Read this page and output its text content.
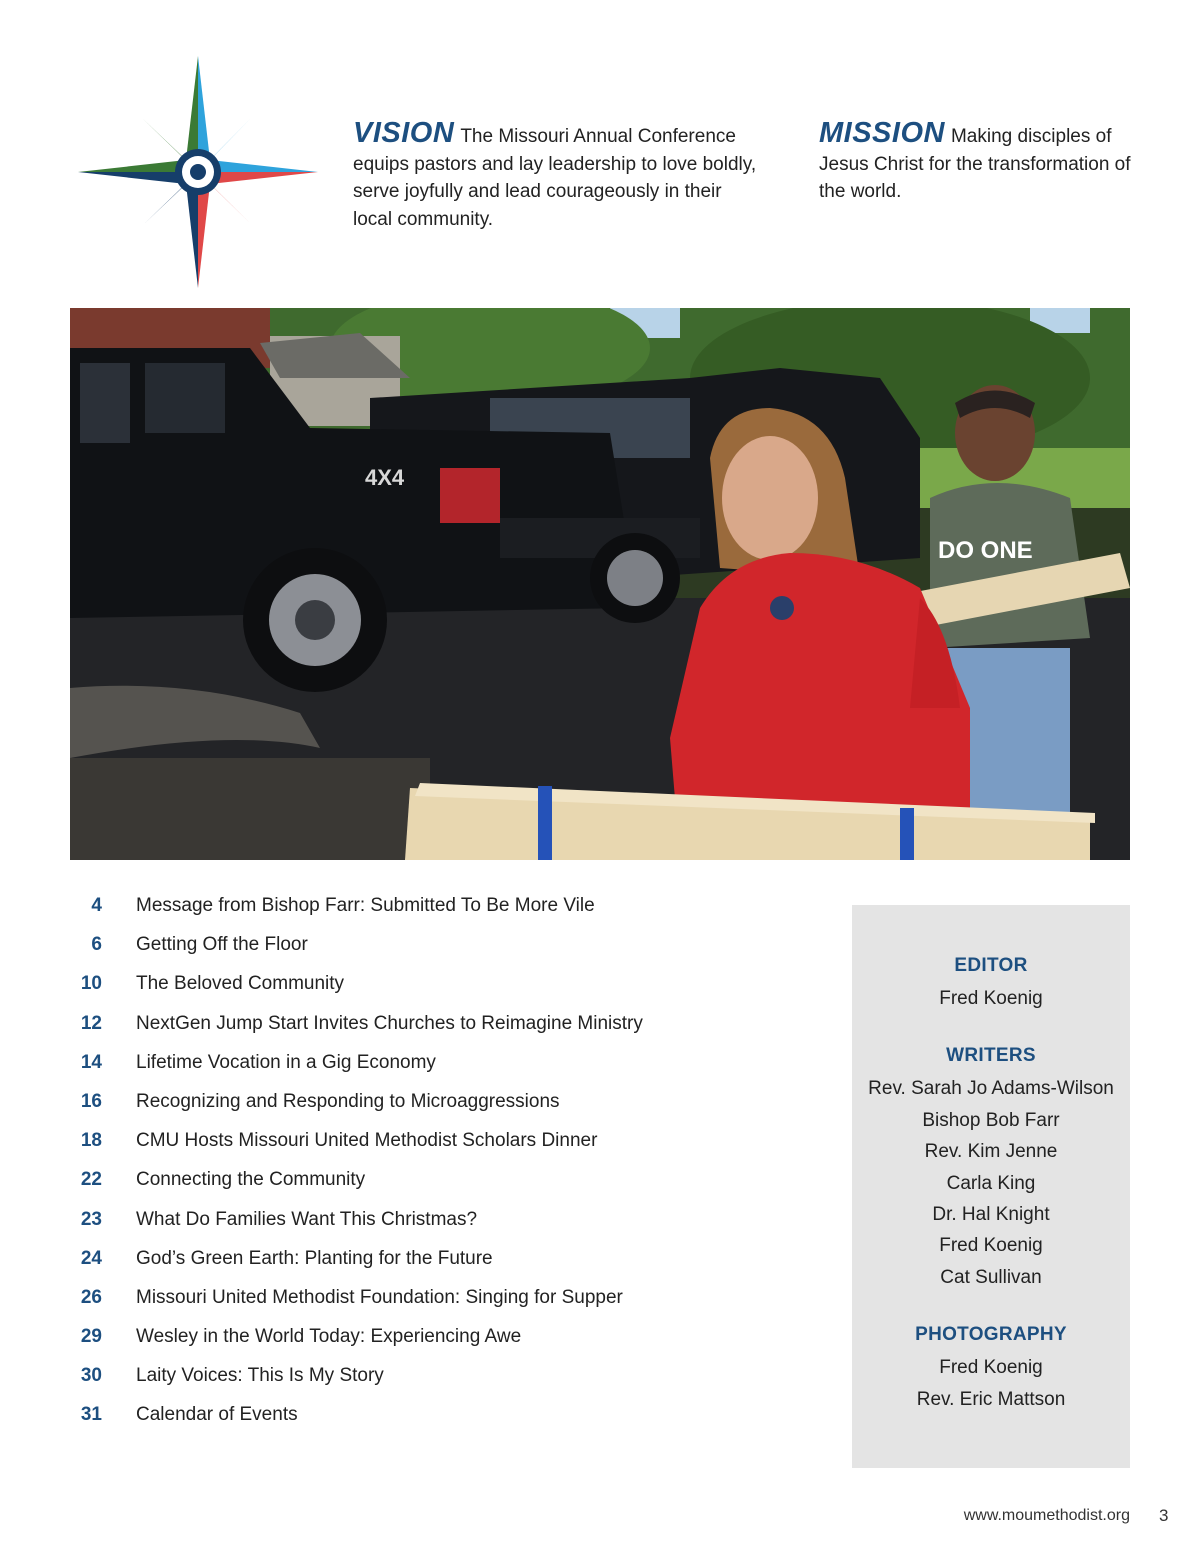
VISION The Missouri Annual Conference equips pastors and lay leadership to love boldly, serve joyfully and lead courageously in their local community.
MISSION Making disciples of Jesus Christ for the transformation of the world.
4X4
DO ONE
4 Message from Bishop Farr: Submitted To Be More Vile
6 Getting Off the Floor
10 The Beloved Community
12 NextGen Jump Start Invites Churches to Reimagine Ministry
14 Lifetime Vocation in a Gig Economy
16 Recognizing and Responding to Microaggressions
18 CMU Hosts Missouri United Methodist Scholars Dinner
22 Connecting the Community
23 What Do Families Want This Christmas?
24 God’s Green Earth: Planting for the Future
26 Missouri United Methodist Foundation: Singing for Supper
29 Wesley in the World Today: Experiencing Awe
30 Laity Voices: This Is My Story
31 Calendar of Events
EDITOR
Fred Koenig
WRITERS
Rev. Sarah Jo Adams-Wilson
Bishop Bob Farr
Rev. Kim Jenne
Carla King
Dr. Hal Knight
Fred Koenig
Cat Sullivan
PHOTOGRAPHY
Fred Koenig
Rev. Eric Mattson
www.moumethodist.org 3
